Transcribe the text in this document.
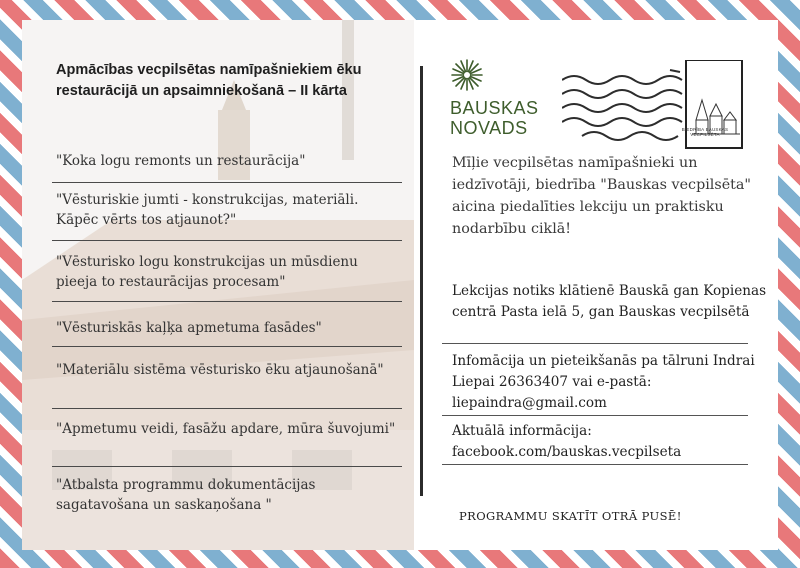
Apmācības vecpilsētas namīpašniekiem ēku restaurācijā un apsaimniekošanā – II kārta
"Koka logu remonts un restaurācija"
"Vēsturiskie jumti - konstrukcijas, materiāli. Kāpēc vērts tos atjaunot?"
"Vēsturisko logu konstrukcijas un mūsdienu pieeja to restaurācijas procesam"
"Vēsturiskās kaļķa apmetuma fasādes"
"Materiālu sistēma vēsturisko ēku atjaunošanā"
"Apmetumu veidi, fasāžu apdare, mūra šuvojumi"
"Atbalsta programmu dokumentācijas sagatavošana un saskaņošana "
BAUSKAS
NOVADS	BIEDRĪBA BAUSKAS VECPILSĒTA
Mīļie vecpilsētas namīpašnieki un iedzīvotāji, biedrība "Bauskas vecpilsēta" aicina piedalīties lekciju un praktisku nodarbību ciklā!
Lekcijas notiks klātienē Bauskā gan Kopienas centrā Pasta ielā 5, gan Bauskas vecpilsētā
Infomācija un pieteikšanās pa tālruni Indrai Liepai 26363407 vai e-pastā: liepaindra@gmail.com
Aktuālā informācija: facebook.com/bauskas.vecpilseta
PROGRAMMU SKATĪT OTRĀ PUSĒ!
